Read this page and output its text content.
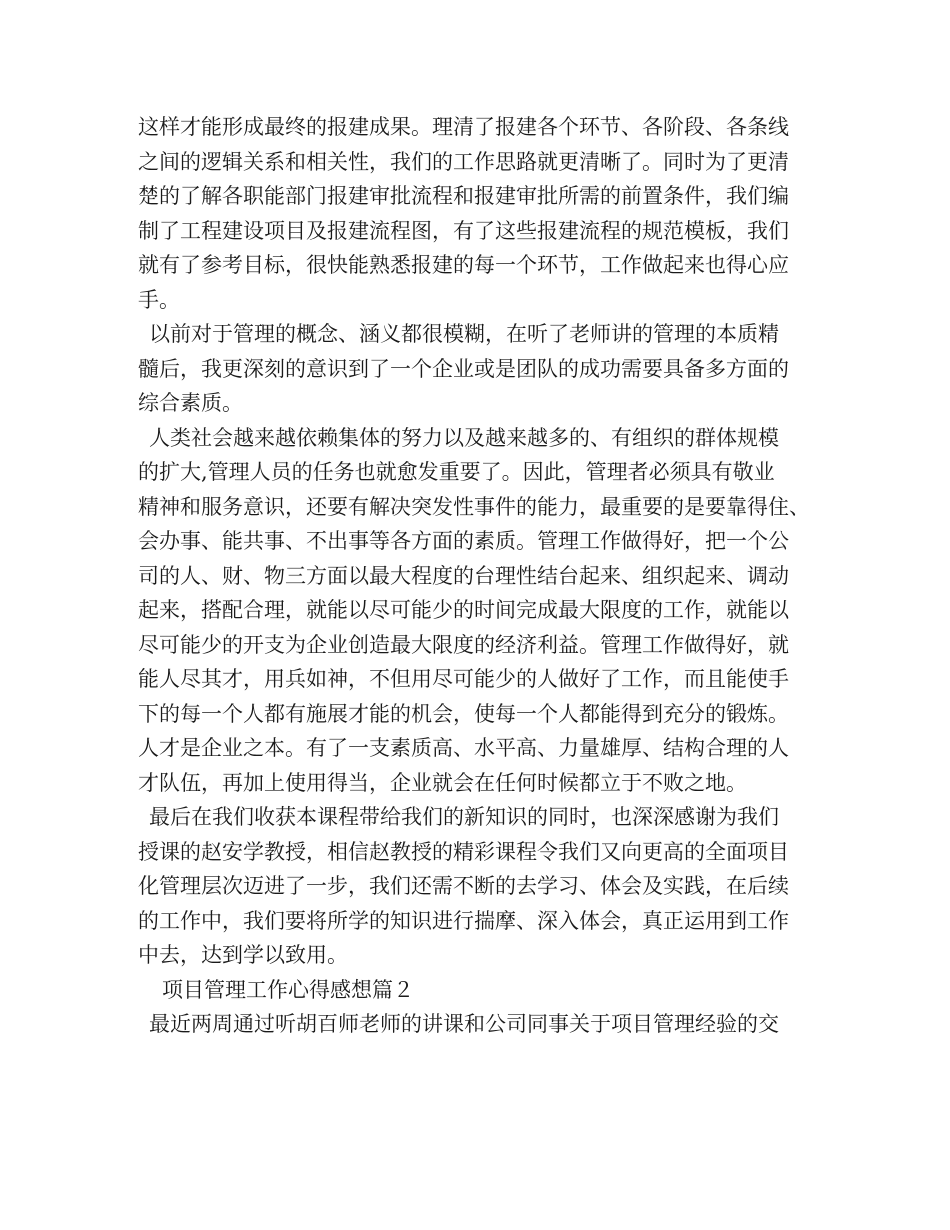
这样才能形成最终的报建成果。理清了报建各个环节、各阶段、各条线
之间的逻辑关系和相关性，我们的工作思路就更清晰了。同时为了更清
楚的了解各职能部门报建审批流程和报建审批所需的前置条件，我们编
制了工程建设项目及报建流程图，有了这些报建流程的规范模板，我们
就有了参考目标，很快能熟悉报建的每一个环节，工作做起来也得心应
手。
以前对于管理的概念、涵义都很模糊，在听了老师讲的管理的本质精
髓后，我更深刻的意识到了一个企业或是团队的成功需要具备多方面的
综合素质。
人类社会越来越依赖集体的努力以及越来越多的、有组织的群体规模
的扩大,管理人员的任务也就愈发重要了。因此，管理者必须具有敬业
精神和服务意识，还要有解决突发性事件的能力，最重要的是要靠得住、
会办事、能共事、不出事等各方面的素质。管理工作做得好，把一个公
司的人、财、物三方面以最大程度的台理性结台起来、组织起来、调动
起来，搭配合理，就能以尽可能少的时间完成最大限度的工作，就能以
尽可能少的开支为企业创造最大限度的经济利益。管理工作做得好，就
能人尽其才，用兵如神，不但用尽可能少的人做好了工作，而且能使手
下的每一个人都有施展才能的机会，使每一个人都能得到充分的锻炼。
人才是企业之本。有了一支素质高、水平高、力量雄厚、结构合理的人
才队伍，再加上使用得当，企业就会在任何时候都立于不败之地。
最后在我们收获本课程带给我们的新知识的同时，也深深感谢为我们
授课的赵安学教授，相信赵教授的精彩课程令我们又向更高的全面项目
化管理层次迈进了一步，我们还需不断的去学习、体会及实践，在后续
的工作中，我们要将所学的知识进行揣摩、深入体会，真正运用到工作
中去，达到学以致用。
项目管理工作心得感想篇２
最近两周通过听胡百师老师的讲课和公司同事关于项目管理经验的交
